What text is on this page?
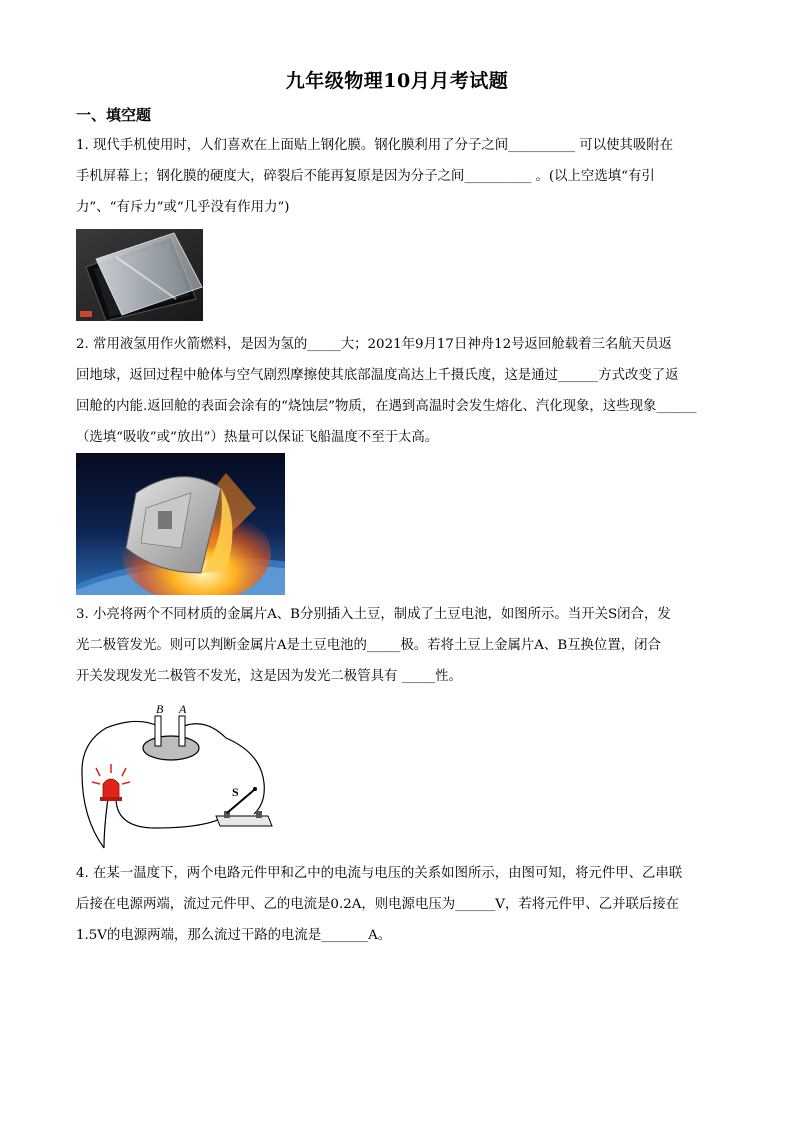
九年级物理10月月考试题
一、填空题
1. 现代手机使用时，人们喜欢在上面贴上钢化膜。钢化膜利用了分子之间__________ 可以使其吸附在
手机屏幕上；钢化膜的硬度大，碎裂后不能再复原是因为分子之间__________ 。(以上空选填“有引
力”、“有斥力”或“几乎没有作用力”)
2. 常用液氢用作火箭燃料，是因为氢的_____大；2021年9月17日神舟12号返回舱载着三名航天员返
回地球，返回过程中舱体与空气剧烈摩擦使其底部温度高达上千摄氏度，这是通过______方式改变了返
回舱的内能.返回舱的表面会涂有的“烧蚀层”物质，在遇到高温时会发生熔化、汽化现象，这些现象______
（选填“吸收”或“放出”）热量可以保证飞船温度不至于太高。
3. 小亮将两个不同材质的金属片A、B分别插入土豆，制成了土豆电池，如图所示。当开关S闭合，发
光二极管发光。则可以判断金属片A是土豆电池的_____极。若将土豆上金属片A、B互换位置，闭合
开关发现发光二极管不发光，这是因为发光二极管具有 _____性。
B A
S
4. 在某一温度下，两个电路元件甲和乙中的电流与电压的关系如图所示，由图可知，将元件甲、乙串联
后接在电源两端，流过元件甲、乙的电流是0.2A，则电源电压为______V，若将元件甲、乙并联后接在
1.5V的电源两端，那么流过干路的电流是_______A。
